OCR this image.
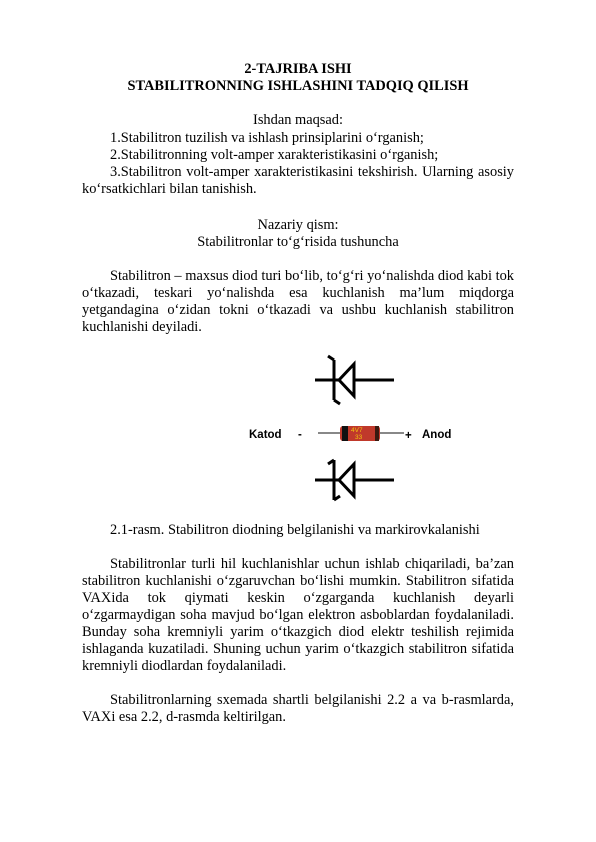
2-TAJRIBA ISHI
STABILITRONNING ISHLASHINI TADQIQ QILISH
Ishdan maqsad:
1.Stabilitron tuzilish va ishlash prinsiplarini o‘rganish;
2.Stabilitronning volt-amper xarakteristikasini o‘rganish;
3.Stabilitron volt-amper xarakteristikasini tekshirish. Ularning asosiy ko‘rsatkichlari bilan tanishish.
Nazariy qism:
Stabilitronlar to‘g‘risida tushuncha
Stabilitron – maxsus diod turi bo‘lib, to‘g‘ri yo‘nalishda diod kabi tok o‘tkazadi, teskari yo‘nalishda esa kuchlanish ma’lum miqdorga yetgandagina o‘zidan tokni o‘tkazadi va ushbu kuchlanish stabilitron kuchlanishi deyiladi.
4V7
33
Katod -	+ Anod
2.1-rasm. Stabilitron diodning belgilanishi va markirovkalanishi
Stabilitronlar turli hil kuchlanishlar uchun ishlab chiqariladi, ba’zan stabilitron kuchlanishi o‘zgaruvchan bo‘lishi mumkin. Stabilitron sifatida VAXida tok qiymati keskin o‘zgarganda kuchlanish deyarli o‘zgarmaydigan soha mavjud bo‘lgan elektron asboblardan foydalaniladi. Bunday soha kremniyli yarim o‘tkazgich diod elektr teshilish rejimida ishlaganda kuzatiladi. Shuning uchun yarim o‘tkazgich stabilitron sifatida kremniyli diodlardan foydalaniladi.
Stabilitronlarning sxemada shartli belgilanishi 2.2 a va b-rasmlarda, VAXi esa 2.2, d-rasmda keltirilgan.
